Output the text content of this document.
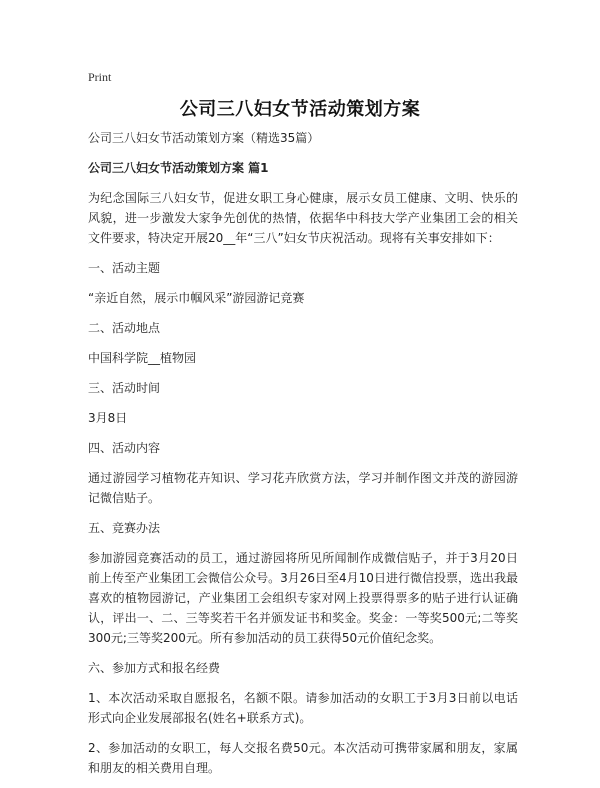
Print
公司三八妇女节活动策划方案
公司三八妇女节活动策划方案（精选35篇）
公司三八妇女节活动策划方案 篇1
为纪念国际三八妇女节，促进女职工身心健康，展示女员工健康、文明、快乐的风貌，进一步激发大家争先创优的热情，依据华中科技大学产业集团工会的相关文件要求，特决定开展20__年“三八”妇女节庆祝活动。现将有关事安排如下：
一、活动主题
“亲近自然，展示巾帼风采”游园游记竞赛
二、活动地点
中国科学院__植物园
三、活动时间
3月8日
四、活动内容
通过游园学习植物花卉知识、学习花卉欣赏方法，学习并制作图文并茂的游园游记微信贴子。
五、竞赛办法
参加游园竞赛活动的员工，通过游园将所见所闻制作成微信贴子，并于3月20日前上传至产业集团工会微信公众号。3月26日至4月10日进行微信投票，选出我最喜欢的植物园游记，产业集团工会组织专家对网上投票得票多的贴子进行认证确认，评出一、二、三等奖若干名并颁发证书和奖金。奖金：一等奖500元;二等奖300元;三等奖200元。所有参加活动的员工获得50元价值纪念奖。
六、参加方式和报名经费
1、本次活动采取自愿报名，名额不限。请参加活动的女职工于3月3日前以电话形式向企业发展部报名(姓名+联系方式)。
2、参加活动的女职工，每人交报名费50元。本次活动可携带家属和朋友，家属和朋友的相关费用自理。
